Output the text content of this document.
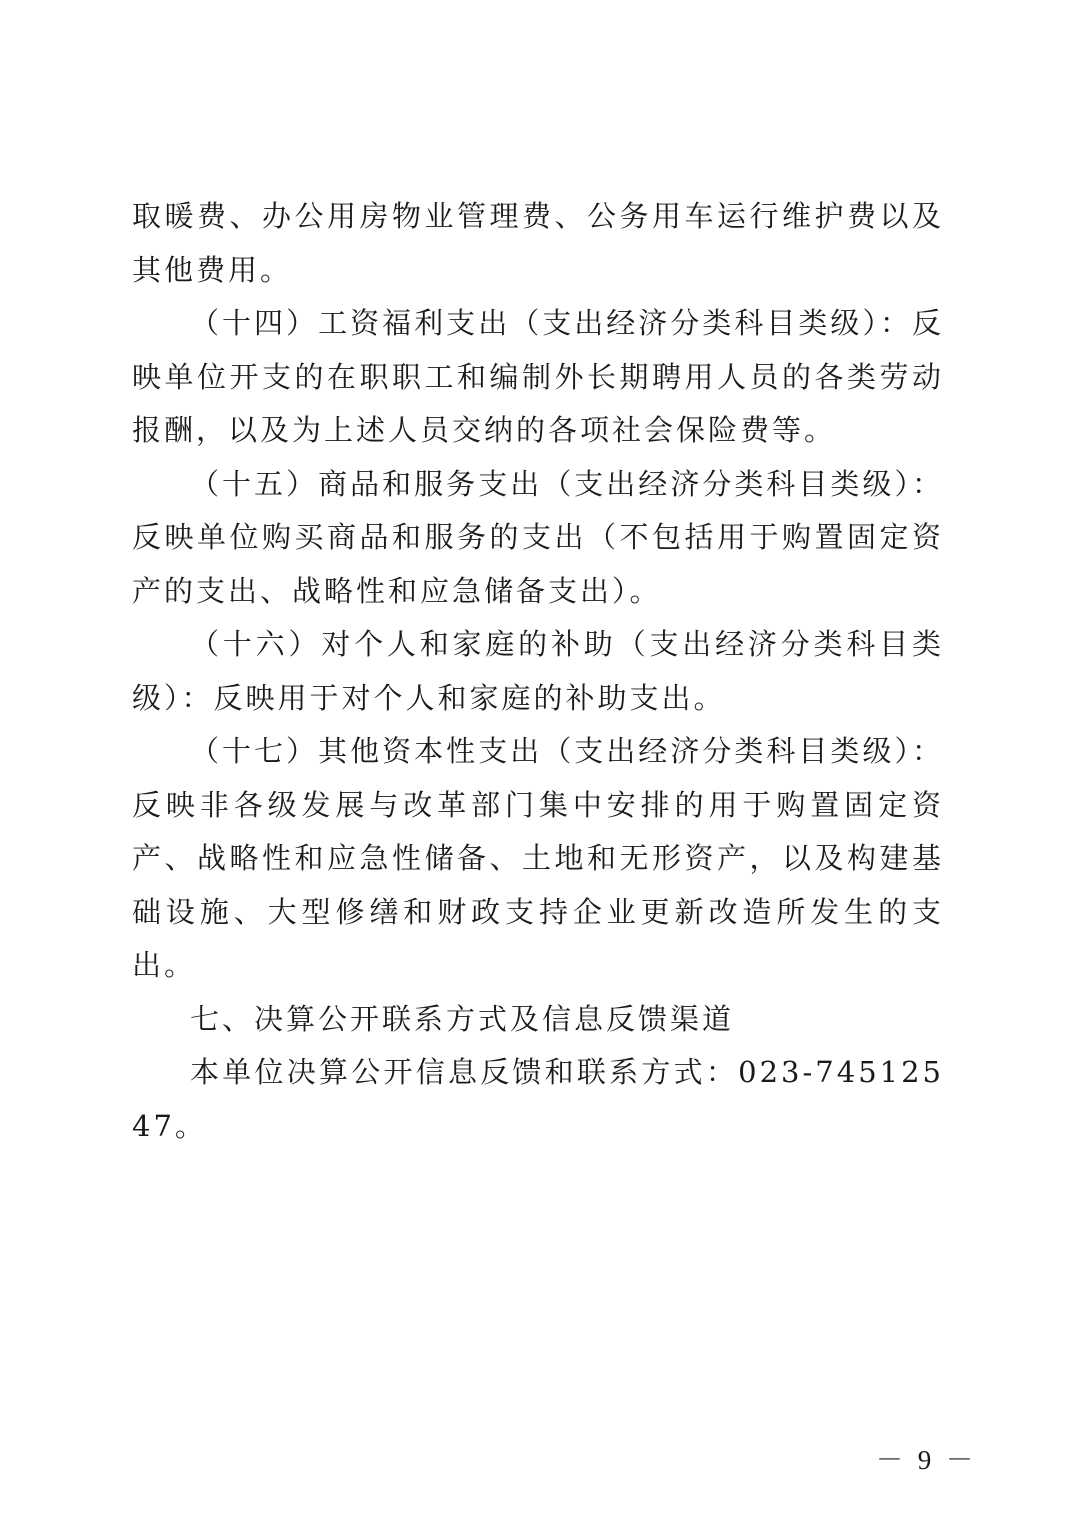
取暖费、办公用房物业管理费、公务用车运行维护费以及其他费用。

（十四）工资福利支出（支出经济分类科目类级）：反映单位开支的在职职工和编制外长期聘用人员的各类劳动报酬，以及为上述人员交纳的各项社会保险费等。

（十五）商品和服务支出（支出经济分类科目类级）：反映单位购买商品和服务的支出（不包括用于购置固定资产的支出、战略性和应急储备支出）。

（十六）对个人和家庭的补助（支出经济分类科目类级）：反映用于对个人和家庭的补助支出。

（十七）其他资本性支出（支出经济分类科目类级）：反映非各级发展与改革部门集中安排的用于购置固定资产、战略性和应急性储备、土地和无形资产，以及构建基础设施、大型修缮和财政支持企业更新改造所发生的支出。

七、决算公开联系方式及信息反馈渠道

本单位决算公开信息反馈和联系方式：023-74512547。

－ 9 －
